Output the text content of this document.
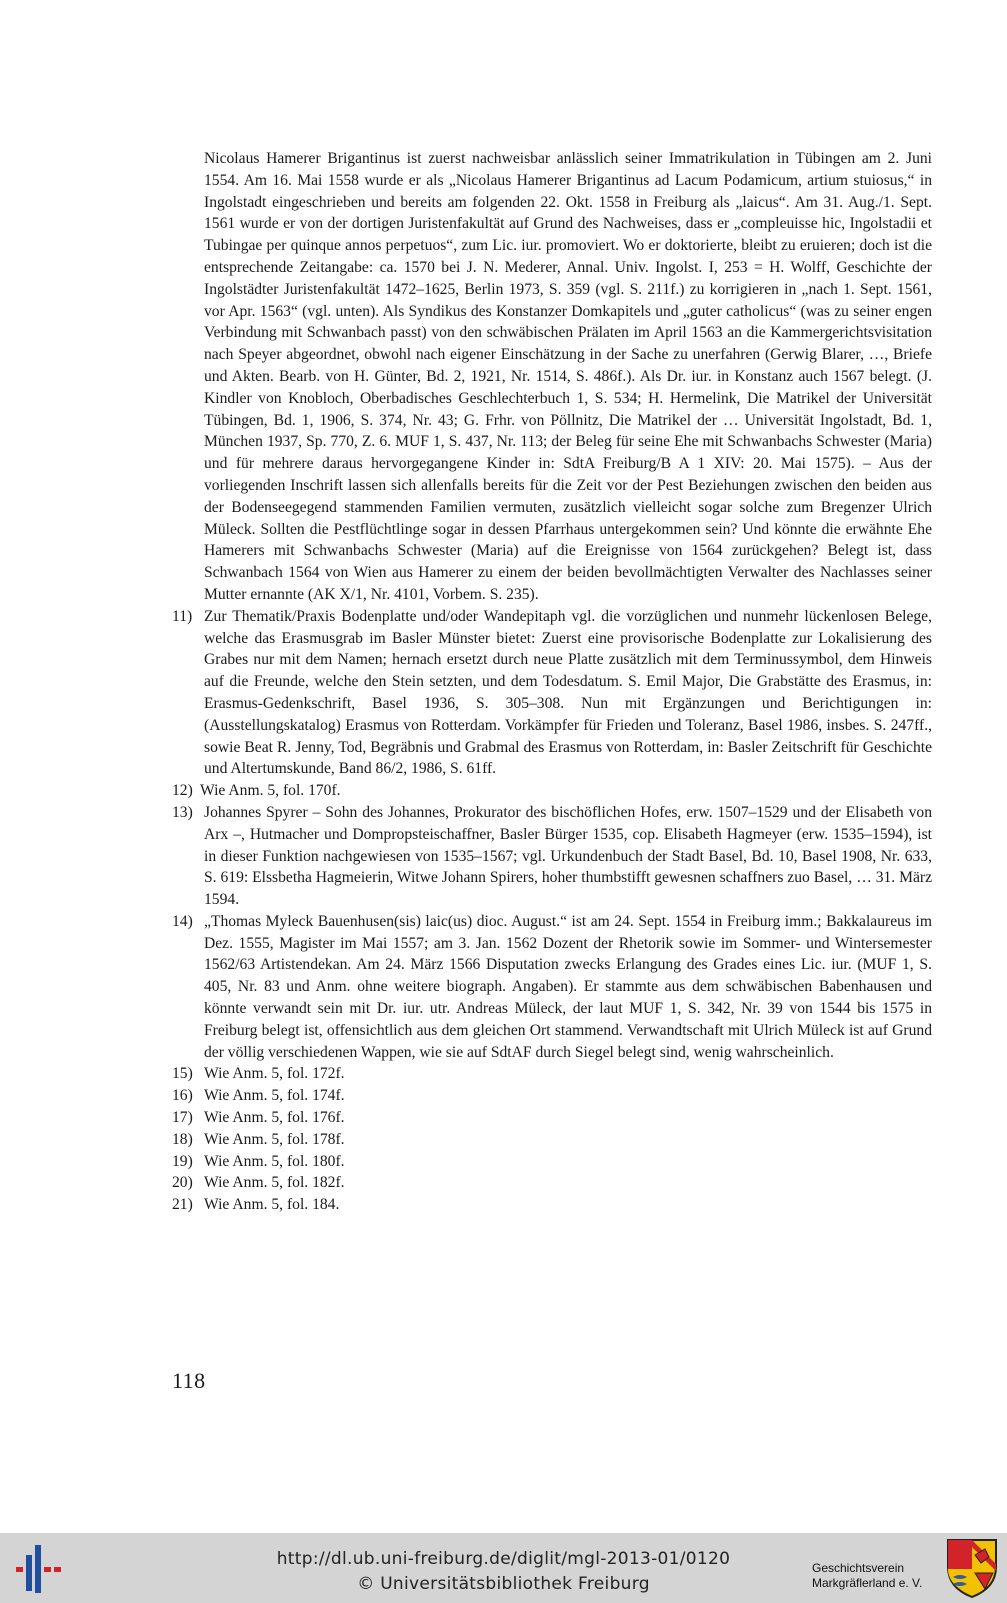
Nicolaus Hamerer Brigantinus ist zuerst nachweisbar anlässlich seiner Immatrikulation in Tübingen am 2. Juni 1554. Am 16. Mai 1558 wurde er als „Nicolaus Hamerer Brigantinus ad Lacum Podamicum, artium stuiosus,“ in Ingolstadt eingeschrieben und bereits am folgenden 22. Okt. 1558 in Freiburg als „laicus“. Am 31. Aug./1. Sept. 1561 wurde er von der dortigen Juristenfakultät auf Grund des Nachweises, dass er „compleuisse hic, Ingolstadii et Tubingae per quinque annos perpetuos“, zum Lic. iur. promoviert. Wo er doktorierte, bleibt zu eruieren; doch ist die entsprechende Zeitangabe: ca. 1570 bei J. N. Mederer, Annal. Univ. Ingolst. I, 253 = H. Wolff, Geschichte der Ingolstädter Juristenfakultät 1472–1625, Berlin 1973, S. 359 (vgl. S. 211f.) zu korrigieren in „nach 1. Sept. 1561, vor Apr. 1563“ (vgl. unten). Als Syndikus des Konstanzer Domkapitels und „guter catholicus“ (was zu seiner engen Verbindung mit Schwanbach passt) von den schwäbischen Prälaten im April 1563 an die Kammergerichtsvisitation nach Speyer abgeordnet, obwohl nach eigener Einschätzung in der Sache zu unerfahren (Gerwig Blarer, …, Briefe und Akten. Bearb. von H. Günter, Bd. 2, 1921, Nr. 1514, S. 486f.). Als Dr. iur. in Konstanz auch 1567 belegt. (J. Kindler von Knobloch, Oberbadisches Geschlechterbuch 1, S. 534; H. Hermelink, Die Matrikel der Universität Tübingen, Bd. 1, 1906, S. 374, Nr. 43; G. Frhr. von Pöllnitz, Die Matrikel der … Universität Ingolstadt, Bd. 1, München 1937, Sp. 770, Z. 6. MUF 1, S. 437, Nr. 113; der Beleg für seine Ehe mit Schwanbachs Schwester (Maria) und für mehrere daraus hervorgegangene Kinder in: SdtA Freiburg/B A 1 XIV: 20. Mai 1575). – Aus der vorliegenden Inschrift lassen sich allenfalls bereits für die Zeit vor der Pest Beziehungen zwischen den beiden aus der Bodenseegegend stammenden Familien vermuten, zusätzlich vielleicht sogar solche zum Bregenzer Ulrich Müleck. Sollten die Pestflüchtlinge sogar in dessen Pfarrhaus untergekommen sein? Und könnte die erwähnte Ehe Hamerers mit Schwanbachs Schwester (Maria) auf die Ereignisse von 1564 zurückgehen? Belegt ist, dass Schwanbach 1564 von Wien aus Hamerer zu einem der beiden bevollmächtigten Verwalter des Nachlasses seiner Mutter ernannte (AK X/1, Nr. 4101, Vorbem. S. 235).

11) Zur Thematik/Praxis Bodenplatte und/oder Wandepitaph vgl. die vorzüglichen und nunmehr lückenlosen Belege, welche das Erasmusgrab im Basler Münster bietet: Zuerst eine provisorische Bodenplatte zur Lokalisierung des Grabes nur mit dem Namen; hernach ersetzt durch neue Platte zusätzlich mit dem Terminussymbol, dem Hinweis auf die Freunde, welche den Stein setzten, und dem Todesdatum. S. Emil Major, Die Grabstätte des Erasmus, in: Erasmus-Gedenkschrift, Basel 1936, S. 305–308. Nun mit Ergänzungen und Berichtigungen in: (Ausstellungskatalog) Erasmus von Rotterdam. Vorkämpfer für Frieden und Toleranz, Basel 1986, insbes. S. 247ff., sowie Beat R. Jenny, Tod, Begräbnis und Grabmal des Erasmus von Rotterdam, in: Basler Zeitschrift für Geschichte und Altertumskunde, Band 86/2, 1986, S. 61ff.
12) Wie Anm. 5, fol. 170f.
13) Johannes Spyrer – Sohn des Johannes, Prokurator des bischöflichen Hofes, erw. 1507–1529 und der Elisabeth von Arx –, Hutmacher und Dompropsteischaffner, Basler Bürger 1535, cop. Elisabeth Hagmeyer (erw. 1535–1594), ist in dieser Funktion nachgewiesen von 1535–1567; vgl. Urkundenbuch der Stadt Basel, Bd. 10, Basel 1908, Nr. 633, S. 619: Elssbetha Hagmeierin, Witwe Johann Spirers, hoher thumbstifft gewesnen schaffners zuo Basel, … 31. März 1594.
14) „Thomas Myleck Bauenhusen(sis) laic(us) dioc. August.“ ist am 24. Sept. 1554 in Freiburg imm.; Bakkalaureus im Dez. 1555, Magister im Mai 1557; am 3. Jan. 1562 Dozent der Rhetorik sowie im Sommer- und Wintersemester 1562/63 Artistendekan. Am 24. März 1566 Disputation zwecks Erlangung des Grades eines Lic. iur. (MUF 1, S. 405, Nr. 83 und Anm. ohne weitere biograph. Angaben). Er stammte aus dem schwäbischen Babenhausen und könnte verwandt sein mit Dr. iur. utr. Andreas Müleck, der laut MUF 1, S. 342, Nr. 39 von 1544 bis 1575 in Freiburg belegt ist, offensichtlich aus dem gleichen Ort stammend. Verwandtschaft mit Ulrich Müleck ist auf Grund der völlig verschiedenen Wappen, wie sie auf SdtAF durch Siegel belegt sind, wenig wahrscheinlich.
15) Wie Anm. 5, fol. 172f.
16) Wie Anm. 5, fol. 174f.
17) Wie Anm. 5, fol. 176f.
18) Wie Anm. 5, fol. 178f.
19) Wie Anm. 5, fol. 180f.
20) Wie Anm. 5, fol. 182f.
21) Wie Anm. 5, fol. 184.
118
http://dl.ub.uni-freiburg.de/diglit/mgl-2013-01/0120
© Universitätsbibliothek Freiburg
Geschichtsverein
Markgräflerland e. V.
